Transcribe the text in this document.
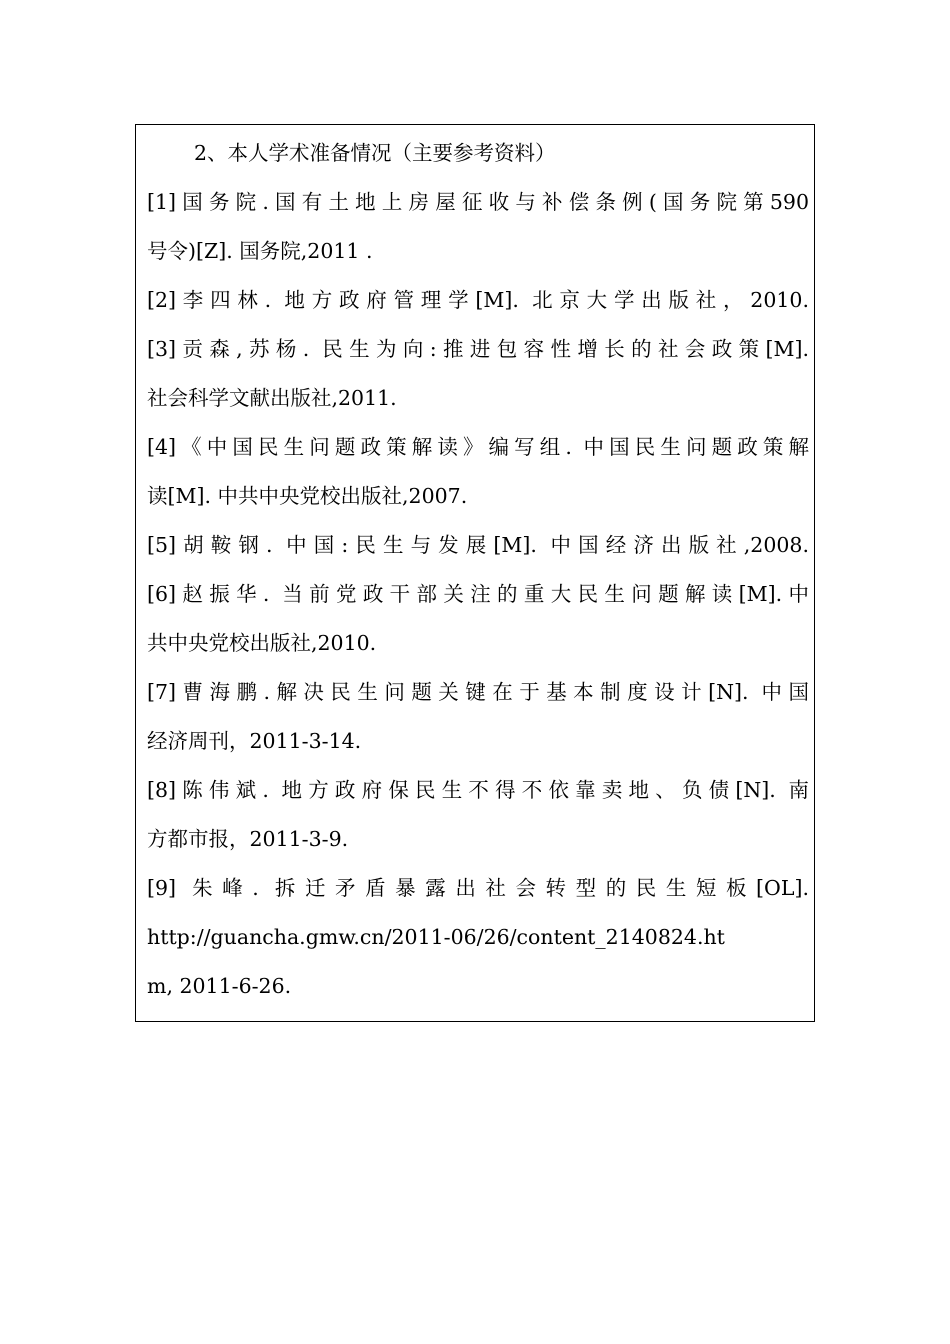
2、本人学术准备情况（主要参考资料）
[1]国务院.国有土地上房屋征收与补偿条例(国务院第590
号令)[Z]. 国务院,2011 .
[2]李四林. 地方政府管理学[M]. 北京大学出版社，2010.
[3]贡森,苏杨. 民生为向:推进包容性增长的社会政策[M].
社会科学文献出版社,2011.
[4]《中国民生问题政策解读》编写组. 中国民生问题政策解
读[M]. 中共中央党校出版社,2007.
[5]胡鞍钢. 中国:民生与发展[M]. 中国经济出版社,2008.
[6]赵振华. 当前党政干部关注的重大民生问题解读[M].中
共中央党校出版社,2010.
[7]曹海鹏.解决民生问题关键在于基本制度设计[N]. 中国
经济周刊，2011-3-14.
[8]陈伟斌. 地方政府保民生不得不依靠卖地、负债[N]. 南
方都市报，2011-3-9.
[9] 朱峰. 拆迁矛盾暴露出社会转型的民生短板[OL].
http://guancha.gmw.cn/2011-06/26/content_2140824.ht
m, 2011-6-26.
